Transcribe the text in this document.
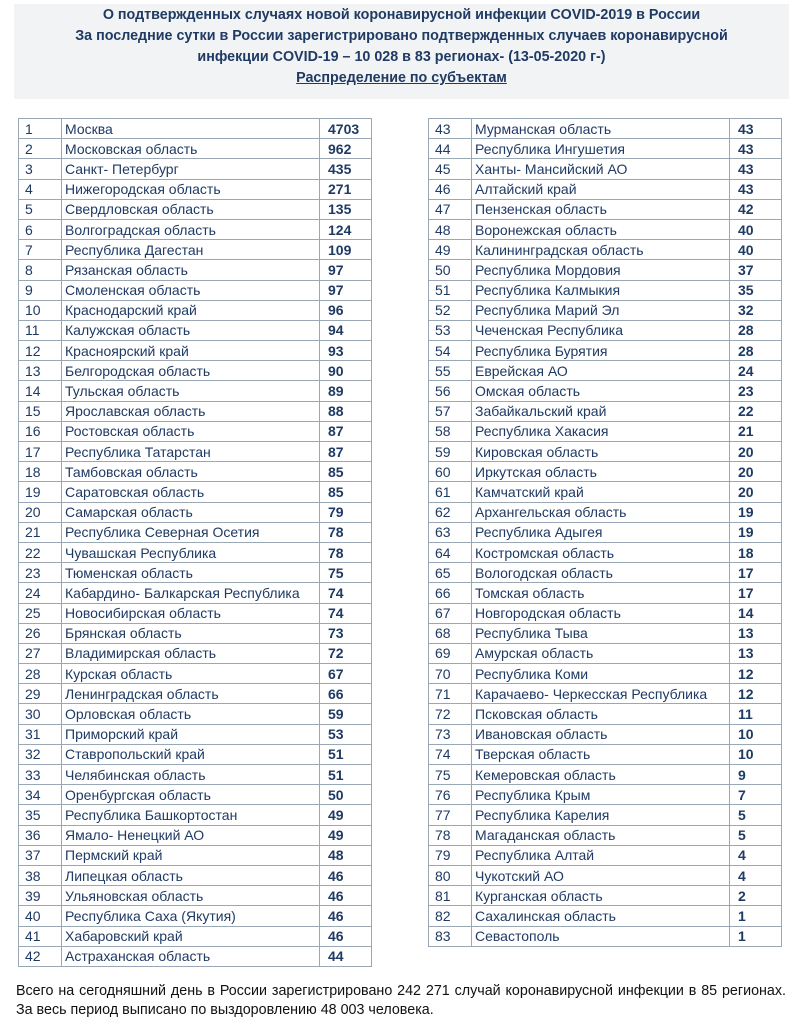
О подтвержденных случаях новой коронавирусной инфекции COVID-2019 в России
За последние сутки в России зарегистрировано подтвержденных случаев коронавирусной
инфекции COVID-19 – 10 028 в 83 регионах- (13-05-2020 г-)
Распределение по субъектам
1	Москва	4703
2	Московская область	962
3	Санкт- Петербург	435
4	Нижегородская область	271
5	Свердловская область	135
6	Волгоградская область	124
7	Республика Дагестан	109
8	Рязанская область	97
9	Смоленская область	97
10	Краснодарский край	96
11	Калужская область	94
12	Красноярский край	93
13	Белгородская область	90
14	Тульская область	89
15	Ярославская область	88
16	Ростовская область	87
17	Республика Татарстан	87
18	Тамбовская область	85
19	Саратовская область	85
20	Самарская область	79
21	Республика Северная Осетия	78
22	Чувашская Республика	78
23	Тюменская область	75
24	Кабардино- Балкарская Республика	74
25	Новосибирская область	74
26	Брянская область	73
27	Владимирская область	72
28	Курская область	67
29	Ленинградская область	66
30	Орловская область	59
31	Приморский край	53
32	Ставропольский край	51
33	Челябинская область	51
34	Оренбургская область	50
35	Республика Башкортостан	49
36	Ямало- Ненецкий АО	49
37	Пермский край	48
38	Липецкая область	46
39	Ульяновская область	46
40	Республика Саха (Якутия)	46
41	Хабаровский край	46
42	Астраханская область	44
43	Мурманская область	43
44	Республика Ингушетия	43
45	Ханты- Мансийский АО	43
46	Алтайский край	43
47	Пензенская область	42
48	Воронежская область	40
49	Калининградская область	40
50	Республика Мордовия	37
51	Республика Калмыкия	35
52	Республика Марий Эл	32
53	Чеченская Республика	28
54	Республика Бурятия	28
55	Еврейская АО	24
56	Омская область	23
57	Забайкальский край	22
58	Республика Хакасия	21
59	Кировская область	20
60	Иркутская область	20
61	Камчатский край	20
62	Архангельская область	19
63	Республика Адыгея	19
64	Костромская область	18
65	Вологодская область	17
66	Томская область	17
67	Новгородская область	14
68	Республика Тыва	13
69	Амурская область	13
70	Республика Коми	12
71	Карачаево- Черкесская Республика	12
72	Псковская область	11
73	Ивановская область	10
74	Тверская область	10
75	Кемеровская область	9
76	Республика Крым	7
77	Республика Карелия	5
78	Магаданская область	5
79	Республика Алтай	4
80	Чукотский АО	4
81	Курганская область	2
82	Сахалинская область	1
83	Севастополь	1
Всего на сегодняшний день в России зарегистрировано 242 271 случай коронавирусной инфекции в 85 регионах. За весь период выписано по выздоровлению 48 003 человека.
